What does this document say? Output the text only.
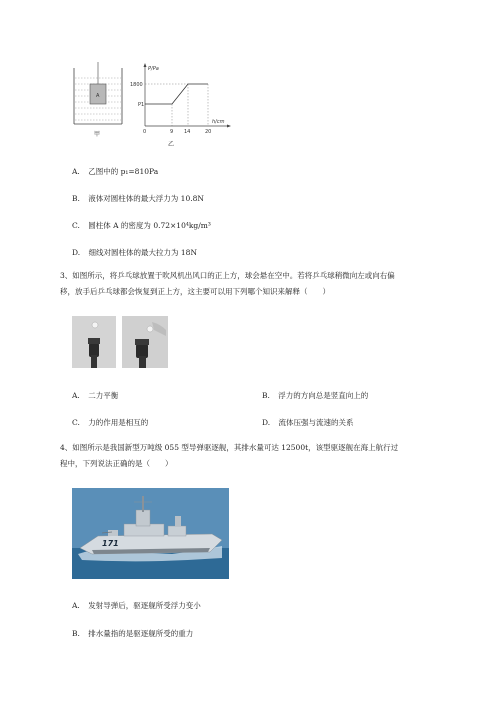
A
甲
P/Pa
1800
P1
h/cm
0	9 14	20
乙
A. 乙图中的 p₁=810Pa
B. 液体对圆柱体的最大浮力为 10.8N
C. 圆柱体 A 的密度为 0.72×10⁴kg/m³
D. 细线对圆柱体的最大拉力为 18N
3、如图所示，将乒乓球放置于吹风机出风口的正上方，球会悬在空中。若将乒乓球稍微向左或向右偏
移，放手后乒乓球都会恢复到正上方，这主要可以用下列哪个知识来解释（　　）
A. 二力平衡	B. 浮力的方向总是竖直向上的
C. 力的作用是相互的	D. 流体压强与流速的关系
4、如图所示是我国新型万吨级 055 型导弹驱逐舰，其排水量可达 12500t，该型驱逐舰在海上航行过
程中，下列说法正确的是（　　）
171
A. 发射导弹后，驱逐舰所受浮力变小
B. 排水量指的是驱逐舰所受的重力
